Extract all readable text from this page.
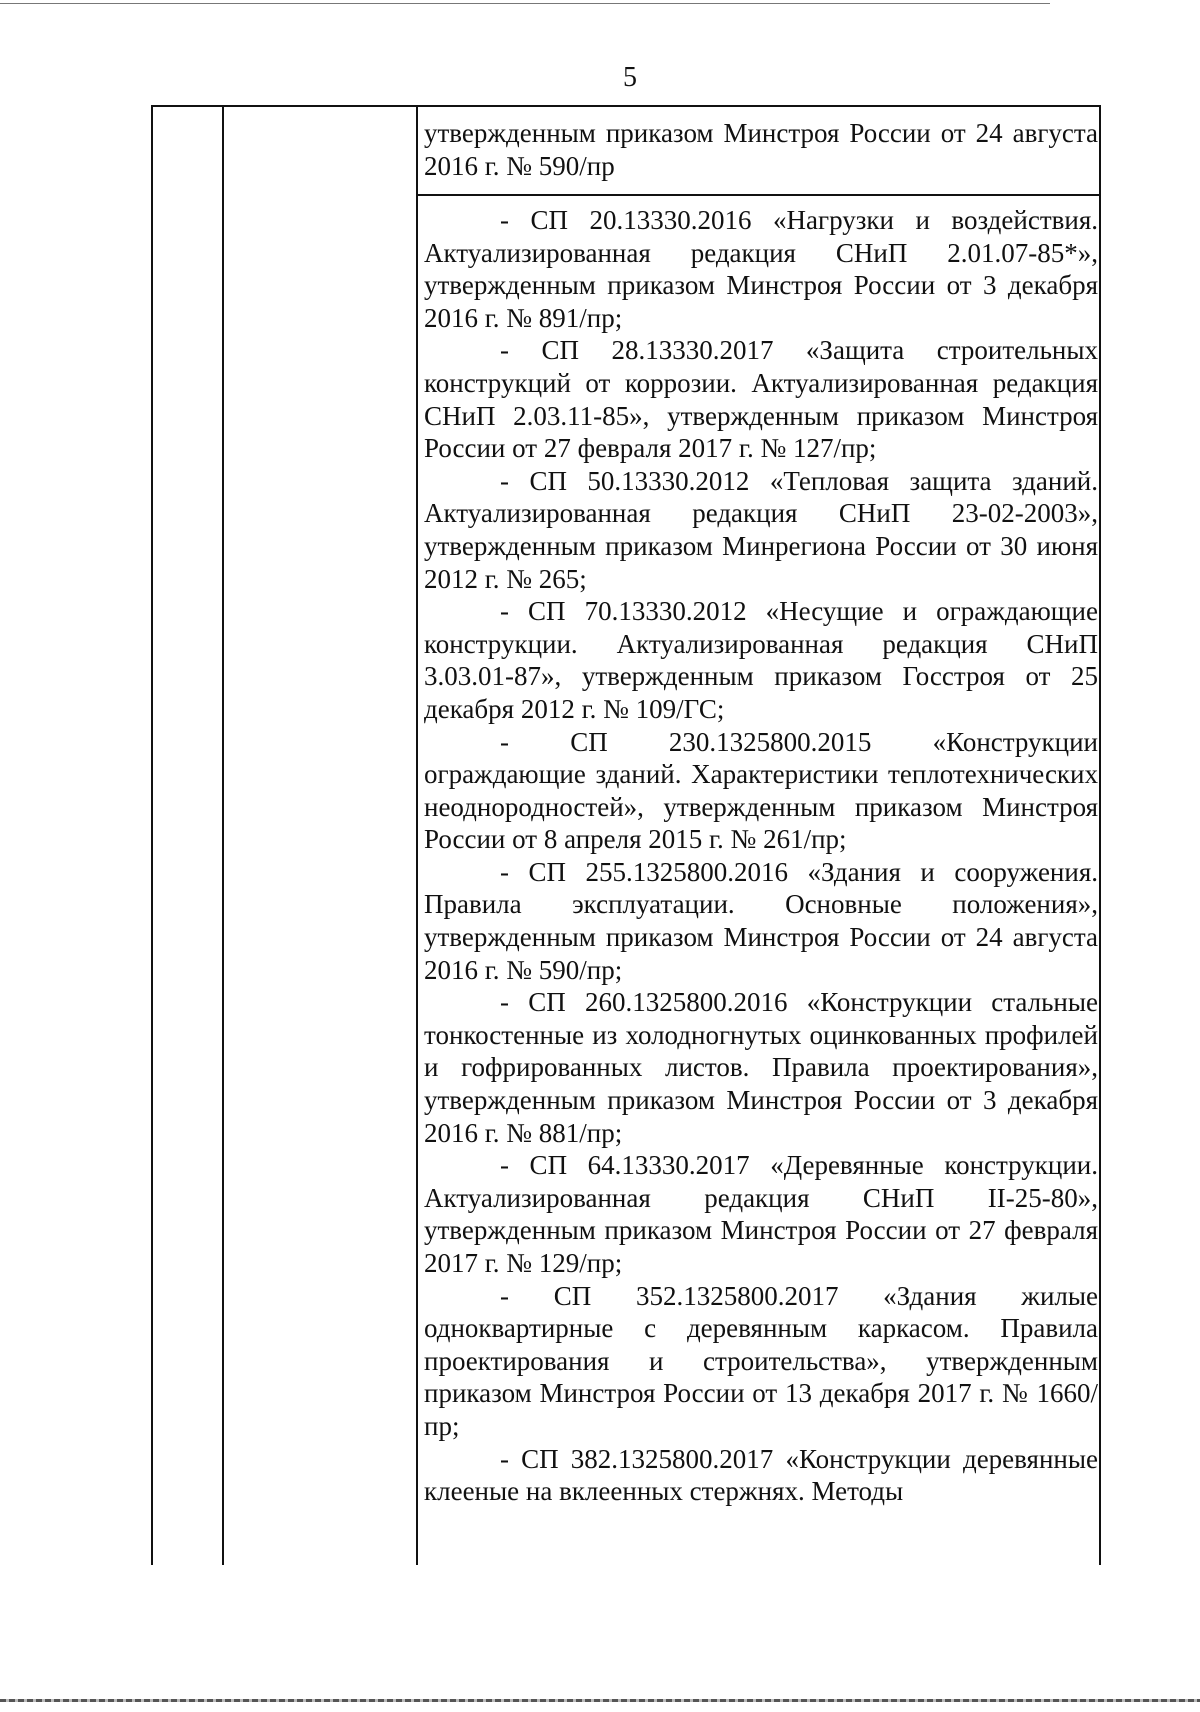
5

утвержденным приказом Минстроя России от 24 августа 2016 г. № 590/пр

- СП 20.13330.2016 «Нагрузки и воздействия. Актуализированная редакция СНиП 2.01.07-85*», утвержденным приказом Минстроя России от 3 декабря 2016 г. № 891/пр;

- СП 28.13330.2017 «Защита строительных конструкций от коррозии. Актуализированная редакция СНиП 2.03.11-85», утвержденным приказом Минстроя России от 27 февраля 2017 г. № 127/пр;

- СП 50.13330.2012 «Тепловая защита зданий. Актуализированная редакция СНиП 23-02-2003», утвержденным приказом Минрегиона России от 30 июня 2012 г. № 265;

- СП 70.13330.2012 «Несущие и ограждающие конструкции. Актуализированная редакция СНиП 3.03.01-87», утвержденным приказом Госстроя от 25 декабря 2012 г. № 109/ГС;

- СП 230.1325800.2015 «Конструкции ограждающие зданий. Характеристики теплотехнических неоднородностей», утвержденным приказом Минстроя России от 8 апреля 2015 г. № 261/пр;

- СП 255.1325800.2016 «Здания и сооружения. Правила эксплуатации. Основные положения», утвержденным приказом Минстроя России от 24 августа 2016 г. № 590/пр;

- СП 260.1325800.2016 «Конструкции стальные тонкостенные из холодногнутых оцинкованных профилей и гофрированных листов. Правила проектирования», утвержденным приказом Минстроя России от 3 декабря 2016 г. № 881/пр;

- СП 64.13330.2017 «Деревянные конструкции. Актуализированная редакция СНиП II-25-80», утвержденным приказом Минстроя России от 27 февраля 2017 г. № 129/пр;

- СП 352.1325800.2017 «Здания жилые одноквартирные с деревянным каркасом. Правила проектирования и строительства», утвержденным приказом Минстроя России от 13 декабря 2017 г. № 1660/пр;

- СП 382.1325800.2017 «Конструкции деревянные клееные на вклеенных стержнях. Методы
